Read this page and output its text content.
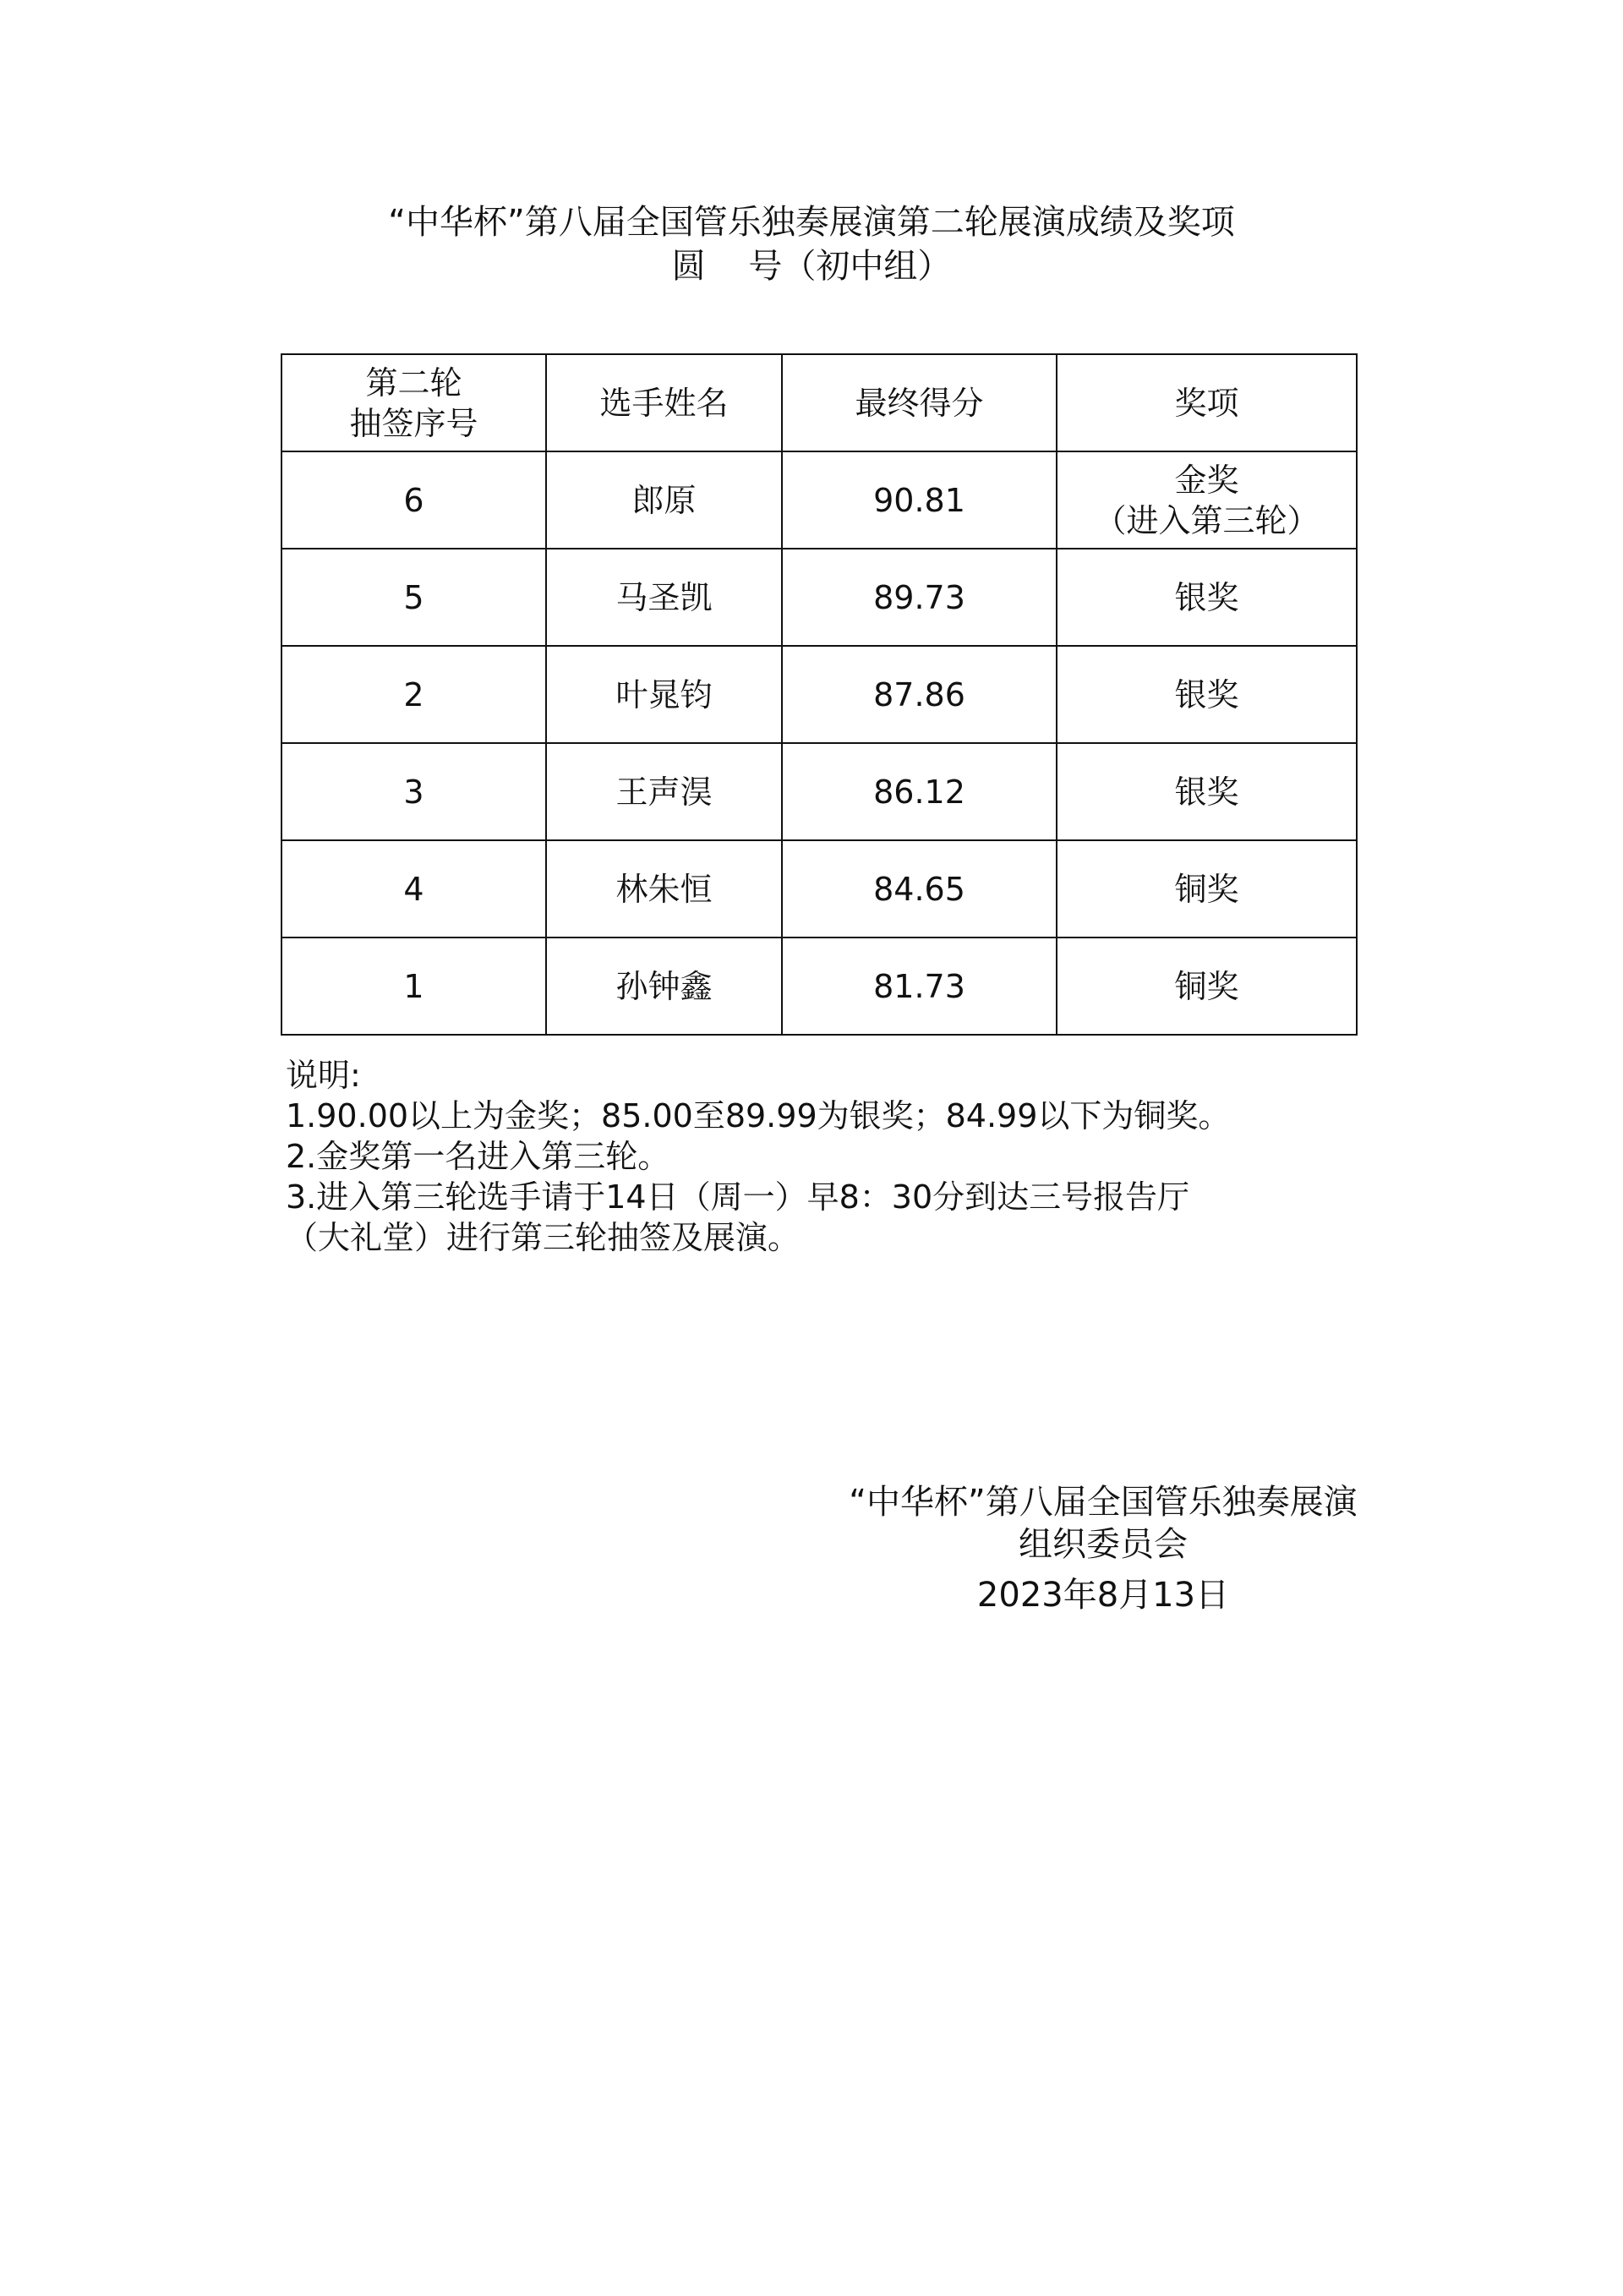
“中华杯”第八届全国管乐独奏展演第二轮展演成绩及奖项
圆    号（初中组）
第二轮
抽签序号	选手姓名	最终得分	奖项

6	郎原	90.81	金奖
（进入第三轮）

5	马圣凯	89.73	银奖

2	叶晁钧	87.86	银奖

3	王声淏	86.12	银奖

4	林朱恒	84.65	铜奖

1	孙钟鑫	81.73	铜奖
说明:
1.90.00以上为金奖；85.00至89.99为银奖；84.99以下为铜奖。
2.金奖第一名进入第三轮。
3.进入第三轮选手请于14日（周一）早8：30分到达三号报告厅
（大礼堂）进行第三轮抽签及展演。
“中华杯”第八届全国管乐独奏展演
组织委员会
2023年8月13日
